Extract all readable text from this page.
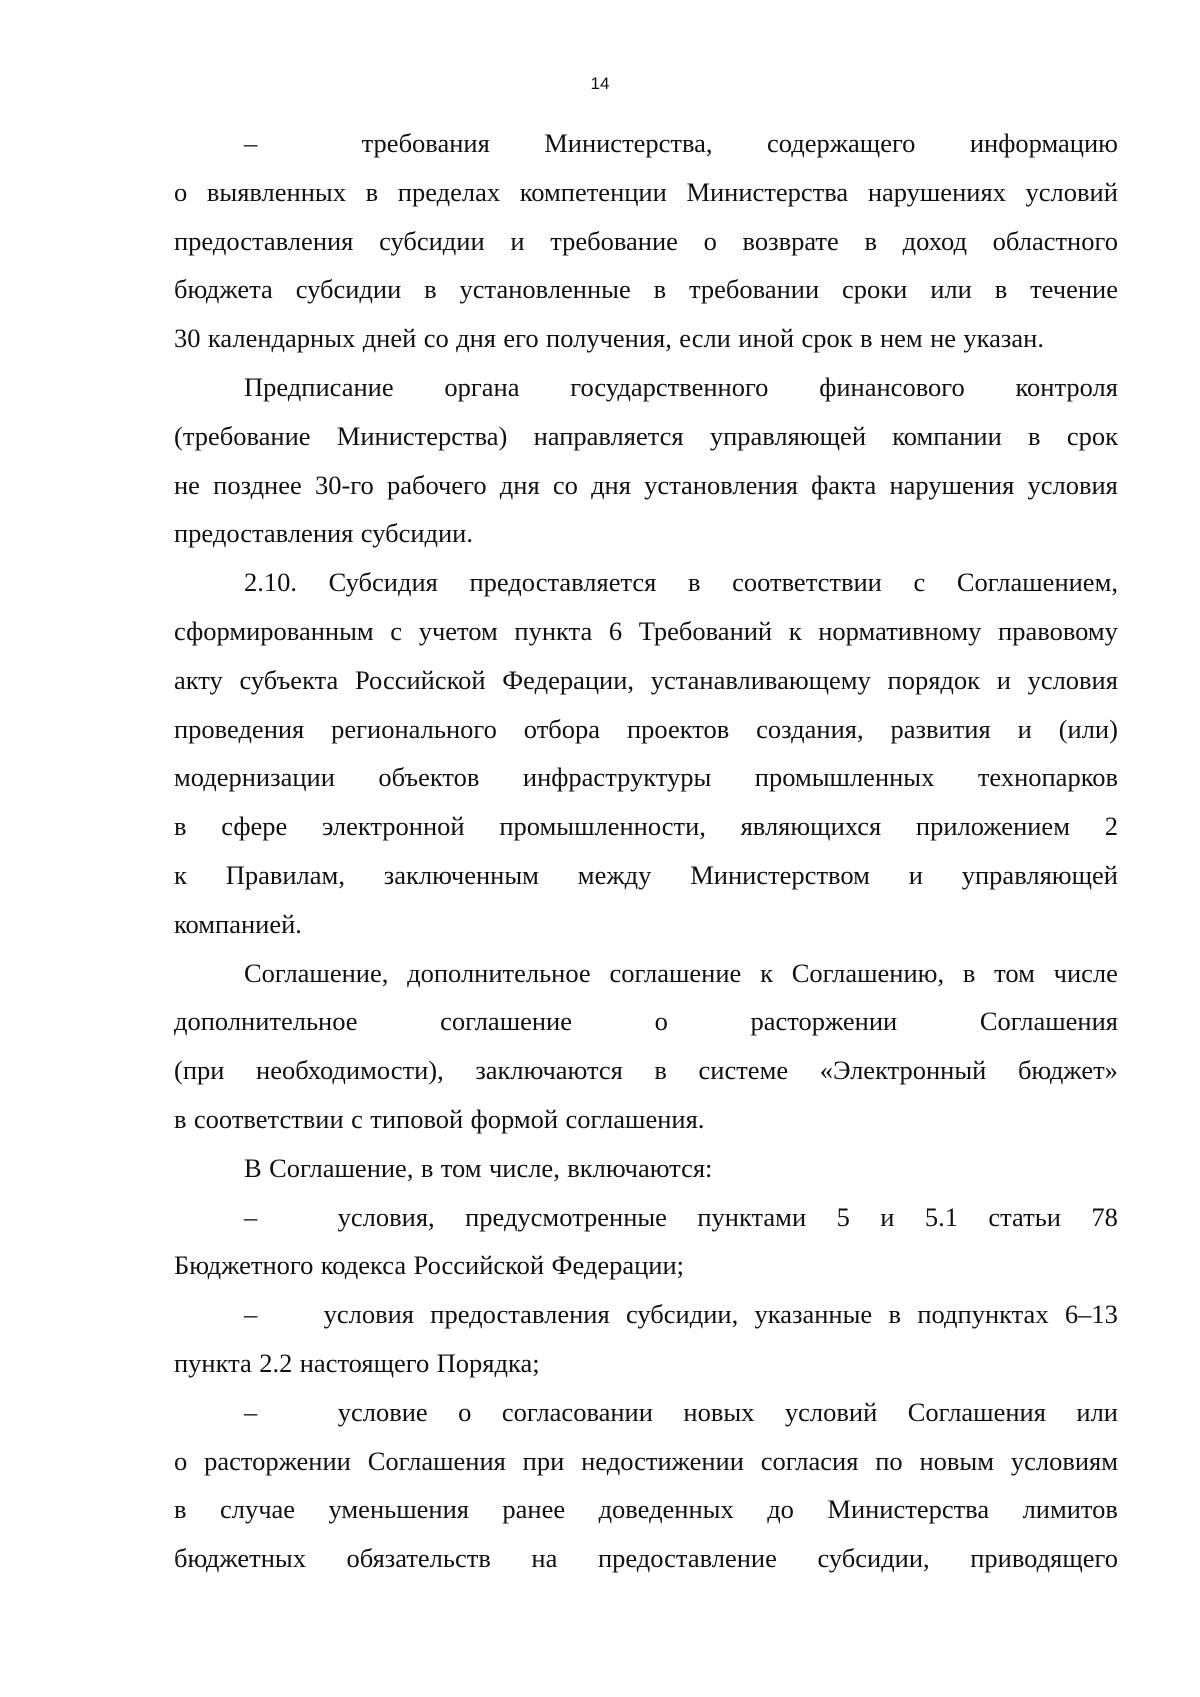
14
–	требования Министерства, содержащего информацию
о выявленных в пределах компетенции Министерства нарушениях условий
предоставления субсидии и требование о возврате в доход областного
бюджета субсидии в установленные в требовании сроки или в течение
30 календарных дней со дня его получения, если иной срок в нем не указан.
Предписание органа государственного финансового контроля
(требование Министерства) направляется управляющей компании в срок
не позднее 30-го рабочего дня со дня установления факта нарушения условия
предоставления субсидии.
2.10. Субсидия предоставляется в соответствии с Соглашением,
сформированным с учетом пункта 6 Требований к нормативному правовому
акту субъекта Российской Федерации, устанавливающему порядок и условия
проведения регионального отбора проектов создания, развития и (или)
модернизации объектов инфраструктуры промышленных технопарков
в сфере электронной промышленности, являющихся приложением 2
к Правилам, заключенным между Министерством и управляющей
компанией.
Соглашение, дополнительное соглашение к Соглашению, в том числе
дополнительное	соглашение	о	расторжении	Соглашения
(при необходимости), заключаются в системе «Электронный бюджет»
в соответствии с типовой формой соглашения.
В Соглашение, в том числе, включаются:
–	условия, предусмотренные пунктами 5 и 5.1 статьи 78
Бюджетного кодекса Российской Федерации;
–	условия предоставления субсидии, указанные в подпунктах 6–13
пункта 2.2 настоящего Порядка;
–	условие о согласовании новых условий Соглашения или
о расторжении Соглашения при недостижении согласия по новым условиям
в случае уменьшения ранее доведенных до Министерства лимитов
бюджетных обязательств на предоставление субсидии, приводящего
